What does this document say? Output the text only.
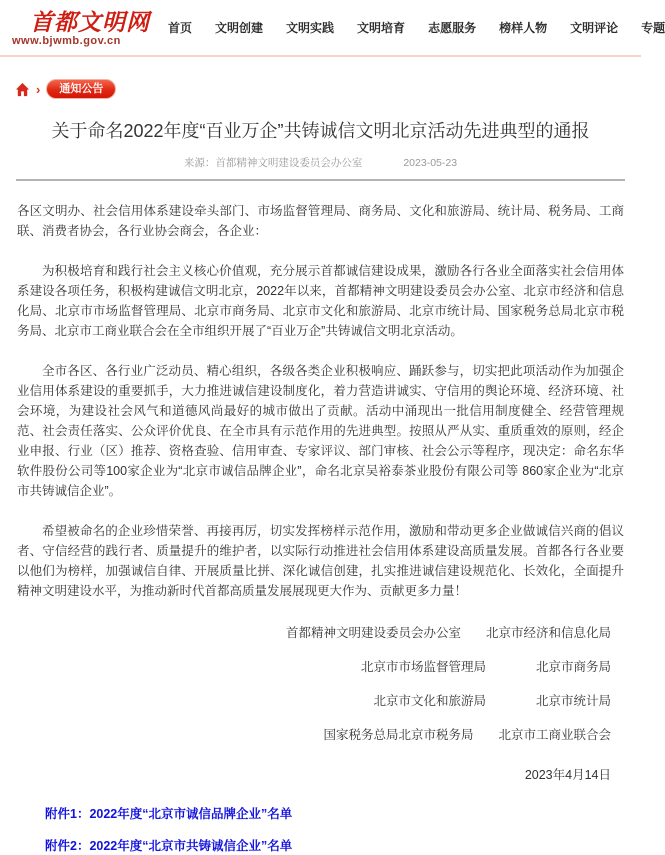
首都文明网
www.bjwmb.gov.cn
首页 文明创建 文明实践 文明培育 志愿服务 榜样人物 文明评论 专题
›	通知公告
关于命名2022年度“百业万企”共铸诚信文明北京活动先进典型的通报
来源：首都精神文明建设委员会办公室	2023-05-23

各区文明办、社会信用体系建设牵头部门、市场监督管理局、商务局、文化和旅游局、统计局、税务局、工商联、消费者协会，各行业协会商会，各企业：

为积极培育和践行社会主义核心价值观，充分展示首都诚信建设成果，激励各行各业全面落实社会信用体系建设各项任务，积极构建诚信文明北京，2022年以来，首都精神文明建设委员会办公室、北京市经济和信息化局、北京市市场监督管理局、北京市商务局、北京市文化和旅游局、北京市统计局、国家税务总局北京市税务局、北京市工商业联合会在全市组织开展了“百业万企”共铸诚信文明北京活动。

全市各区、各行业广泛动员、精心组织，各级各类企业积极响应、踊跃参与，切实把此项活动作为加强企业信用体系建设的重要抓手，大力推进诚信建设制度化，着力营造讲诚实、守信用的舆论环境、经济环境、社会环境，为建设社会风气和道德风尚最好的城市做出了贡献。活动中涌现出一批信用制度健全、经营管理规范、社会责任落实、公众评价优良、在全市具有示范作用的先进典型。按照从严从实、重质重效的原则，经企业申报、行业（区）推荐、资格查验、信用审查、专家评议、部门审核、社会公示等程序，现决定：命名东华软件股份公司等100家企业为“北京市诚信品牌企业”，命名北京吴裕泰茶业股份有限公司等 860家企业为“北京市共铸诚信企业”。

希望被命名的企业珍惜荣誉、再接再厉，切实发挥榜样示范作用，激励和带动更多企业做诚信兴商的倡议者、守信经营的践行者、质量提升的维护者，以实际行动推进社会信用体系建设高质量发展。首都各行各业要以他们为榜样，加强诚信自律、开展质量比拼、深化诚信创建，扎实推进诚信建设规范化、长效化，全面提升精神文明建设水平，为推动新时代首都高质量发展展现更大作为、贡献更多力量！

首都精神文明建设委员会办公室　　北京市经济和信息化局
北京市市场监督管理局　　　　北京市商务局
北京市文化和旅游局　　　　北京市统计局
国家税务总局北京市税务局　　北京市工商业联合会
2023年4月14日
附件1：2022年度“北京市诚信品牌企业”名单
附件2：2022年度“北京市共铸诚信企业”名单
